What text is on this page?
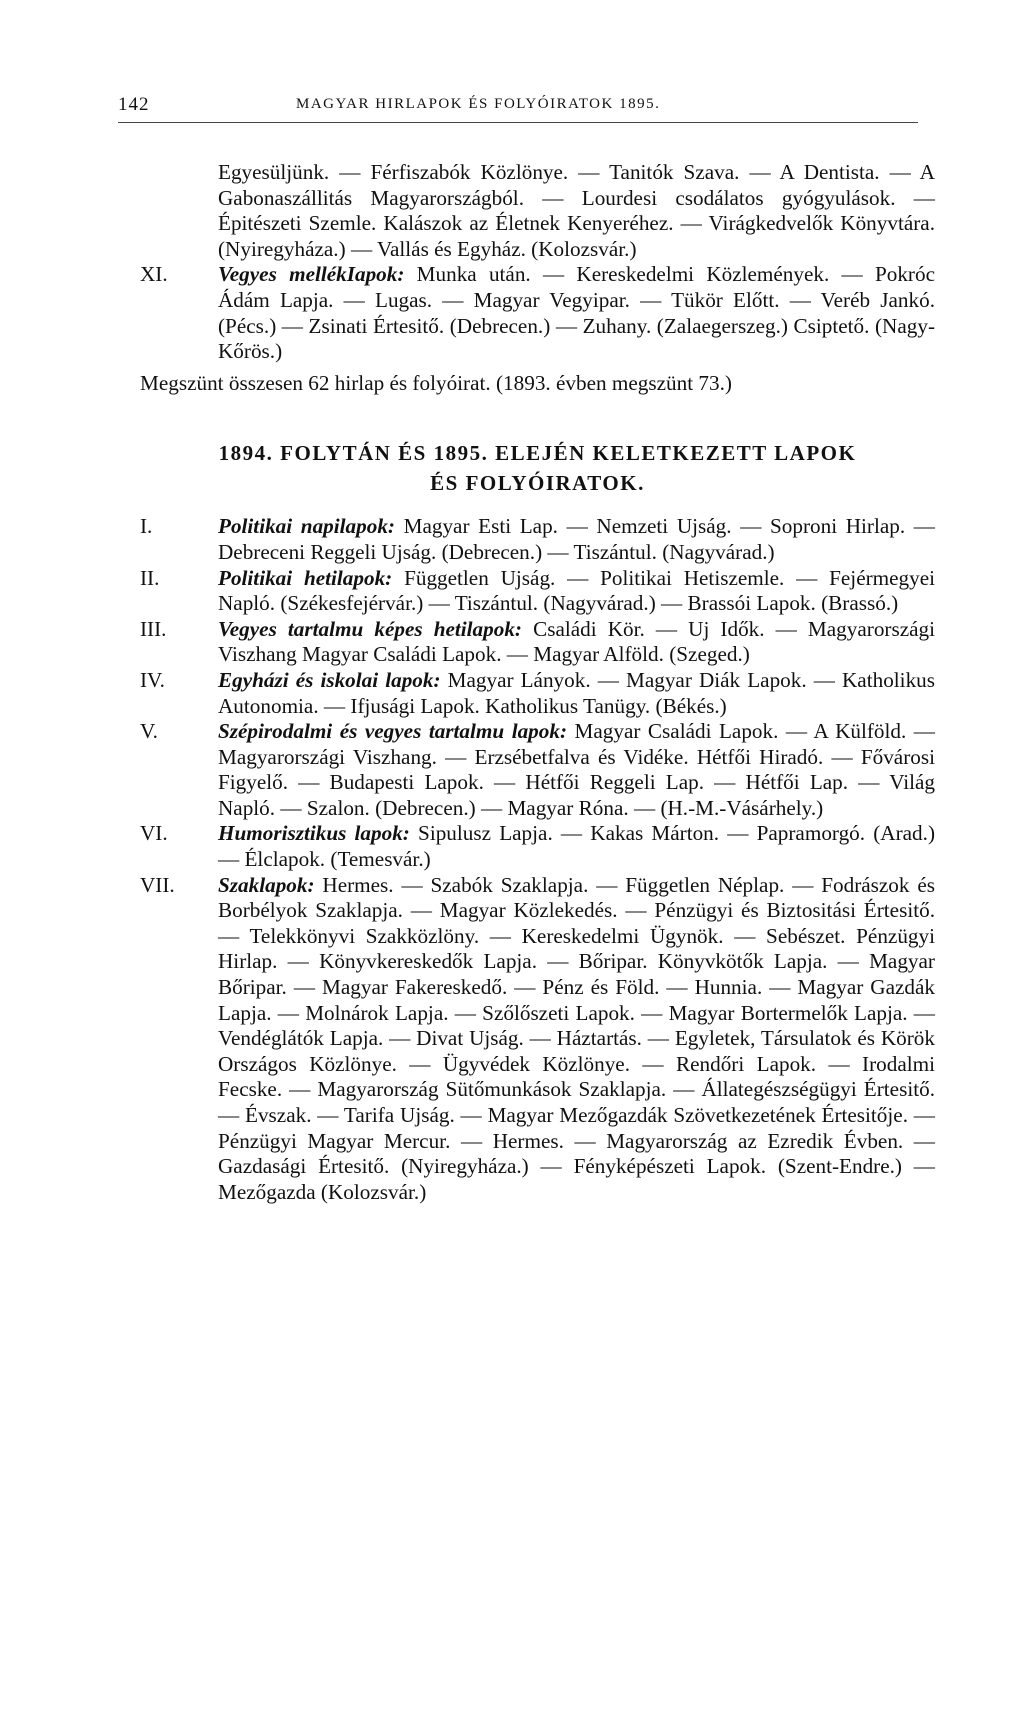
142	MAGYAR HIRLAPOK ÉS FOLYÓIRATOK 1895.

Egyesüljünk. — Férfiszabók Közlönye. — Tanitók Szava. — A Dentista. — A Gabonaszállitás Magyarországból. — Lourdesi csodálatos gyógyulások. — Épitészeti Szemle. Kalászok az Életnek Kenyeréhez. — Virágkedvelők Könyvtára. (Nyiregyháza.) — Vallás és Egyház. (Kolozsvár.)

XI. Vegyes mellékIapok: Munka után. — Kereskedelmi Közlemények. — Pokróc Ádám Lapja. — Lugas. — Magyar Vegyipar. — Tükör Előtt. — Veréb Jankó. (Pécs.) — Zsinati Értesitő. (Debrecen.) — Zuhany. (Zalaegerszeg.) Csiptető. (Nagy-Kőrös.)

Megszünt összesen 62 hirlap és folyóirat. (1893. évben megszünt 73.)

1894. FOLYTÁN ÉS 1895. ELEJÉN KELETKEZETT LAPOK
ÉS FOLYÓIRATOK.

I.	Politikai napilapok: Magyar Esti Lap. — Nemzeti Ujság. — Soproni Hirlap. — Debreceni Reggeli Ujság. (Debrecen.) — Tiszántul. (Nagyvárad.)

II.	Politikai hetilapok: Független Ujság. — Politikai Hetiszemle. — Fejérmegyei Napló. (Székesfejérvár.) — Tiszántul. (Nagyvárad.) — Brassói Lapok. (Brassó.)

III. Vegyes tartalmu képes hetilapok: Családi Kör. — Uj Idők. — Magyarországi Viszhang Magyar Családi Lapok. — Magyar Alföld. (Szeged.)

IV.	Egyházi és iskolai lapok: Magyar Lányok. — Magyar Diák Lapok. — Katholikus Autonomia. — Ifjusági Lapok. Katholikus Tanügy. (Békés.)

V.	Szépirodalmi és vegyes tartalmu lapok: Magyar Családi Lapok. — A Külföld. — Magyarországi Viszhang. — Erzsébetfalva és Vidéke. Hétfői Hiradó. — Fővárosi Figyelő. — Budapesti Lapok. — Hétfői Reggeli Lap. — Hétfői Lap. — Világ Napló. — Szalon. (Debrecen.) — Magyar Róna. — (H.-M.-Vásárhely.)

VI. Humorisztikus lapok: Sipulusz Lapja. — Kakas Márton. — Papramorgó. (Arad.) — Élclapok. (Temesvár.)

VII. Szaklapok: Hermes. — Szabók Szaklapja. — Független Néplap. — Fodrászok és Borbélyok Szaklapja. — Magyar Közlekedés. — Pénzügyi és Biztositási Értesitő. — Telekkönyvi Szakközlöny. — Kereskedelmi Ügynök. — Sebészet. Pénzügyi Hirlap. — Könyvkereskedők Lapja. — Bőripar. Könyvkötők Lapja. — Magyar Bőripar. — Magyar Fakereskedő. — Pénz és Föld. — Hunnia. — Magyar Gazdák Lapja. — Molnárok Lapja. — Szőlőszeti Lapok. — Magyar Bortermelők Lapja. — Vendéglátók Lapja. — Divat Ujság. — Háztartás. — Egyletek, Társulatok és Körök Országos Közlönye. — Ügyvédek Közlönye. — Rendőri Lapok. — Irodalmi Fecske. — Magyarország Sütőmunkások Szaklapja. — Állategészségügyi Értesitő. — Évszak. — Tarifa Ujság. — Magyar Mezőgazdák Szövetkezetének Értesitője. — Pénzügyi Magyar Mercur. — Hermes. — Magyarország az Ezredik Évben. — Gazdasági Értesitő. (Nyiregyháza.) — Fényképészeti Lapok. (Szent-Endre.) — Mezőgazda (Kolozsvár.)
